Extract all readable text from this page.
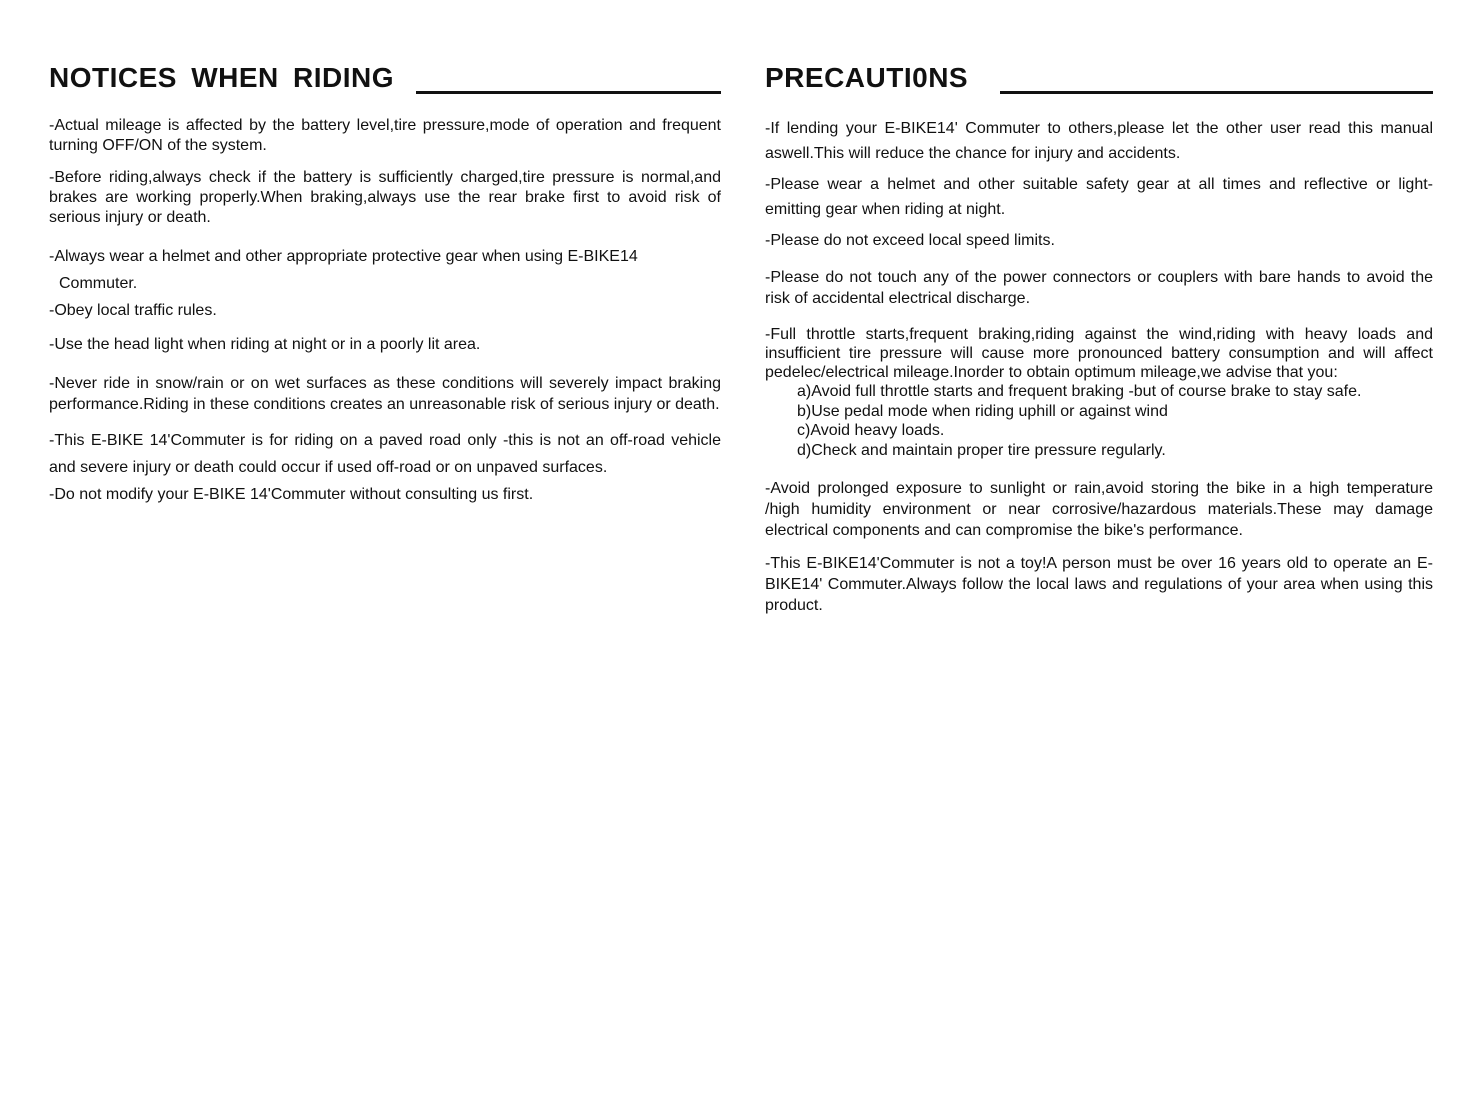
NOTICES WHEN RIDING

-Actual mileage is affected by the battery level,tire pressure,mode of operation and frequent turning OFF/ON of the system.

-Before riding,always check if the battery is sufficiently charged,tire pressure is normal,and brakes are working properly.When braking,always use the rear brake first to avoid risk of serious injury or death.

-Always wear a helmet and other appropriate protective gear when using E-BIKE14

Commuter.

-Obey local traffic rules.

-Use the head light when riding at night or in a poorly lit area.

-Never ride in snow/rain or on wet surfaces as these conditions will severely impact braking performance.Riding in these conditions creates an unreasonable risk of serious injury or death.

-This E-BIKE 14'Commuter is for riding on a paved road only -this is not an off-road vehicle and severe injury or death could occur if used off-road or on unpaved surfaces.

-Do not modify your E-BIKE 14'Commuter without consulting us first.

PRECAUTI0NS

-If lending your E-BIKE14' Commuter to others,please let the other user read this manual aswell.This will reduce the chance for injury and accidents.

-Please wear a helmet and other suitable safety gear at all times and reflective or light-emitting gear when riding at night.

-Please do not exceed local speed limits.

-Please do not touch any of the power connectors or couplers with bare hands to avoid the risk of accidental electrical discharge.

-Full throttle starts,frequent braking,riding against the wind,riding with heavy loads and insufficient tire pressure will cause more pronounced battery consumption and will affect pedelec/electrical mileage.Inorder to obtain optimum mileage,we advise that you:

a)Avoid full throttle starts and frequent braking -but of course brake to stay safe.
b)Use pedal mode when riding uphill or against wind
c)Avoid heavy loads.
d)Check and maintain proper tire pressure regularly.

-Avoid prolonged exposure to sunlight or rain,avoid storing the bike in a high temperature /high humidity environment or near corrosive/hazardous materials.These may damage electrical components and can compromise the bike's performance.

-This E-BIKE14'Commuter is not a toy!A person must be over 16 years old to operate an E-BIKE14' Commuter.Always follow the local laws and regulations of your area when using this product.
